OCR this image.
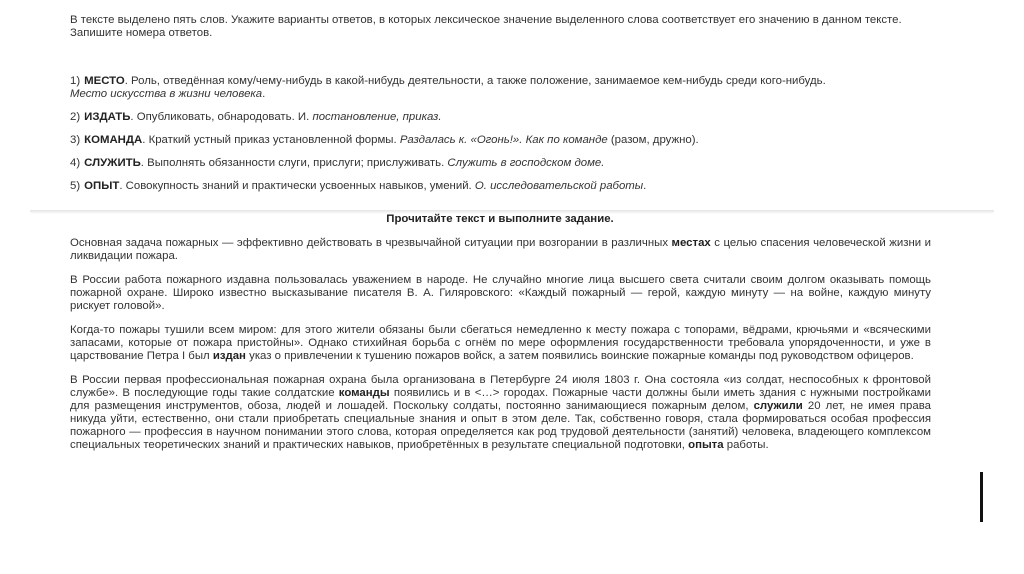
В тексте выделено пять слов. Укажите варианты ответов, в которых лексическое значение выделенного слова соответствует его значению в данном тексте. Запишите номера ответов.

1) МЕСТО. Роль, отведённая кому/чему-нибудь в какой-нибудь деятельности, а также положение, занимаемое кем-нибудь среди кого-нибудь.
Место искусства в жизни человека.

2) ИЗДАТЬ. Опубликовать, обнародовать. И. постановление, приказ.

3) КОМАНДА. Краткий устный приказ установленной формы. Раздалась к. «Огонь!». Как по команде (разом, дружно).

4) СЛУЖИТЬ. Выполнять обязанности слуги, прислуги; прислуживать. Служить в господском доме.

5) ОПЫТ. Совокупность знаний и практически усвоенных навыков, умений. О. исследовательской работы.

Прочитайте текст и выполните задание.

Основная задача пожарных — эффективно действовать в чрезвычайной ситуации при возгорании в различных местах с целью спасения человеческой жизни и ликвидации пожара.

В России работа пожарного издавна пользовалась уважением в народе. Не случайно многие лица высшего света считали своим долгом оказывать помощь пожарной охране. Широко известно высказывание писателя В. А. Гиляровского: «Каждый пожарный — герой, каждую минуту — на войне, каждую минуту рискует головой».

Когда-то пожары тушили всем миром: для этого жители обязаны были сбегаться немедленно к месту пожара с топорами, вёдрами, крючьями и «всяческими запасами, которые от пожара пристойны». Однако стихийная борьба с огнём по мере оформления государственности требовала упорядоченности, и уже в царствование Петра I был издан указ о привлечении к тушению пожаров войск, а затем появились воинские пожарные команды под руководством офицеров.

В России первая профессиональная пожарная охрана была организована в Петербурге 24 июля 1803 г. Она состояла «из солдат, неспособных к фронтовой службе». В последующие годы такие солдатские команды появились и в <…> городах. Пожарные части должны были иметь здания с нужными постройками для размещения инструментов, обоза, людей и лошадей. Поскольку солдаты, постоянно занимающиеся пожарным делом, служили 20 лет, не имея права никуда уйти, естественно, они стали приобретать специальные знания и опыт в этом деле. Так, собственно говоря, стала формироваться особая профессия пожарного — профессия в научном понимании этого слова, которая определяется как род трудовой деятельности (занятий) человека, владеющего комплексом специальных теоретических знаний и практических навыков, приобретённых в результате специальной подготовки, опыта работы.
